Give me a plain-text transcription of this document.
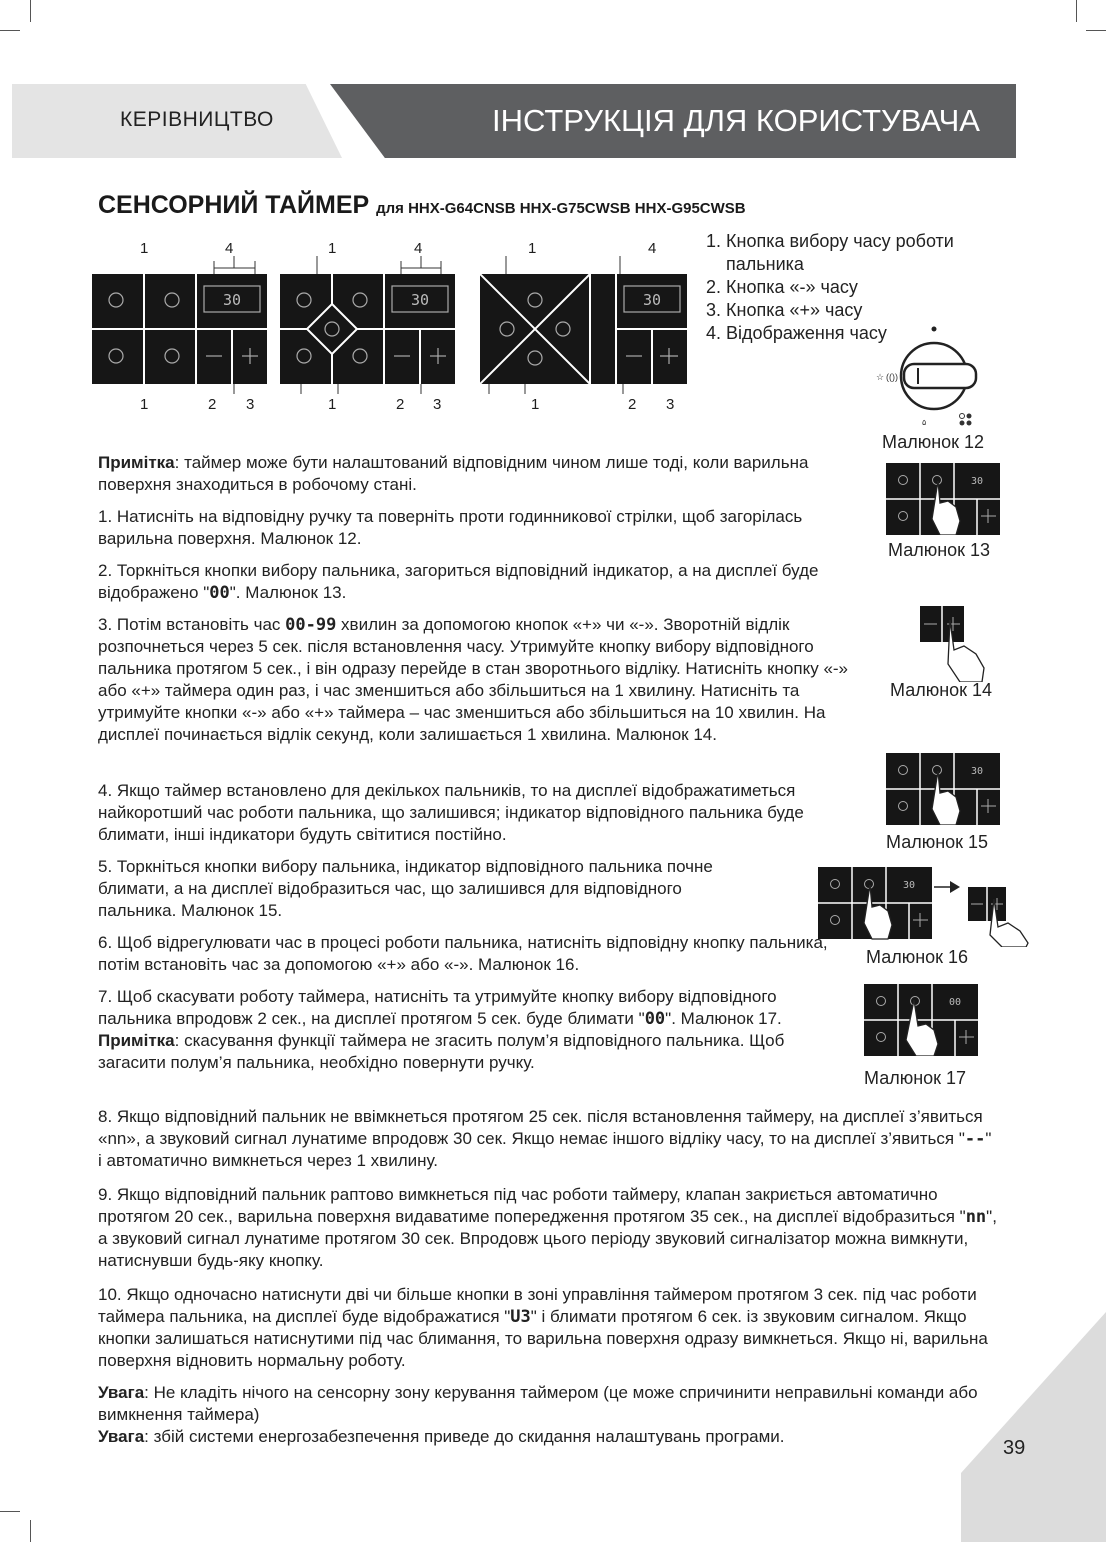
КЕРІВНИЦТВО	ІНСТРУКЦІЯ ДЛЯ КОРИСТУВАЧА
СЕНСОРНИЙ ТАЙМЕР для HHX-G64CNSB HHX-G75CWSB HHX-G95CWSB
30	30	30
1	4
1	2 3
1	4
1	2 3
1	4
1	2 3
1. Кнопка вибору часу роботи
пальника
2. Кнопка «-» часу
3. Кнопка «+» часу
4. Відображення часу
☆ (())
۵
Малюнок 12
30
Малюнок 13
Малюнок 14
30
Малюнок 15
30
Малюнок 16
00
Малюнок 17
Примітка: таймер може бути налаштований відповідним чином лише тоді, коли варильна поверхня знаходиться в робочому стані.
1. Натисніть на відповідну ручку та поверніть проти годинникової стрілки, щоб загорілась варильна поверхня. Малюнок 12.
2. Торкніться кнопки вибору пальника, загориться відповідний індикатор, а на дисплеї буде відображено "00". Малюнок 13.
3. Потім встановіть час 00-99 хвилин за допомогою кнопок «+» чи «-». Зворотній відлік розпочнеться через 5 сек. після встановлення часу. Утримуйте кнопку вибору відповідного пальника протягом 5 сек., і він одразу перейде в стан зворотнього відліку. Натисніть кнопку «-» або «+» таймера один раз, і час зменшиться або збільшиться на 1 хвилину. Натисніть та утримуйте кнопки «-» або «+» таймера – час зменшиться або збільшиться на 10 хвилин. На дисплеї починається відлік секунд, коли залишається 1 хвилина. Малюнок 14.
4. Якщо таймер встановлено для декількох пальників, то на дисплеї відображатиметься найкоротший час роботи пальника, що залишився; індикатор відповідного пальника буде блимати, інші індикатори будуть світитися постійно.
5. Торкніться кнопки вибору пальника, індикатор відповідного пальника почне блимати, а на дисплеї відобразиться час, що залишився для відповідного пальника. Малюнок 15.
6. Щоб відрегулювати час в процесі роботи пальника, натисніть відповідну кнопку пальника, потім встановіть час за допомогою «+» або «-». Малюнок 16.
7. Щоб скасувати роботу таймера, натисніть та утримуйте кнопку вибору відповідного пальника впродовж 2 сек., на дисплеї протягом 5 сек. буде блимати "00". Малюнок 17.
Примітка: скасування функції таймера не згасить полум’я відповідного пальника. Щоб загасити полум’я пальника, необхідно повернути ручку.
8. Якщо відповідний пальник не ввімкнеться протягом 25 сек. після встановлення таймеру, на дисплеї з’явиться «nn», а звуковий сигнал лунатиме впродовж 30 сек. Якщо немає іншого відліку часу, то на дисплеї з’явиться "--" і автоматично вимкнеться через 1 хвилину.
9. Якщо відповідний пальник раптово вимкнеться під час роботи таймеру, клапан закриється автоматично протягом 20 сек., варильна поверхня видаватиме попередження протягом 35 сек., на дисплеї відобразиться "nn", а звуковий сигнал лунатиме протягом 30 сек. Впродовж цього періоду звуковий сигналізатор можна вимкнути, натиснувши будь-яку кнопку.
10. Якщо одночасно натиснути дві чи більше кнопки в зоні управління таймером протягом 3 сек. під час роботи таймера пальника, на дисплеї буде відображатися "U3" і блимати протягом 6 сек. із звуковим сигналом. Якщо кнопки залишаться натиснутими під час блимання, то варильна поверхня одразу вимкнеться. Якщо ні, варильна поверхня відновить нормальну роботу.
Увага: Не кладіть нічого на сенсорну зону керування таймером (це може спричинити неправильні команди або вимкнення таймера)
Увага: збій системи енергозабезпечення приведе до скидання налаштувань програми.
39
